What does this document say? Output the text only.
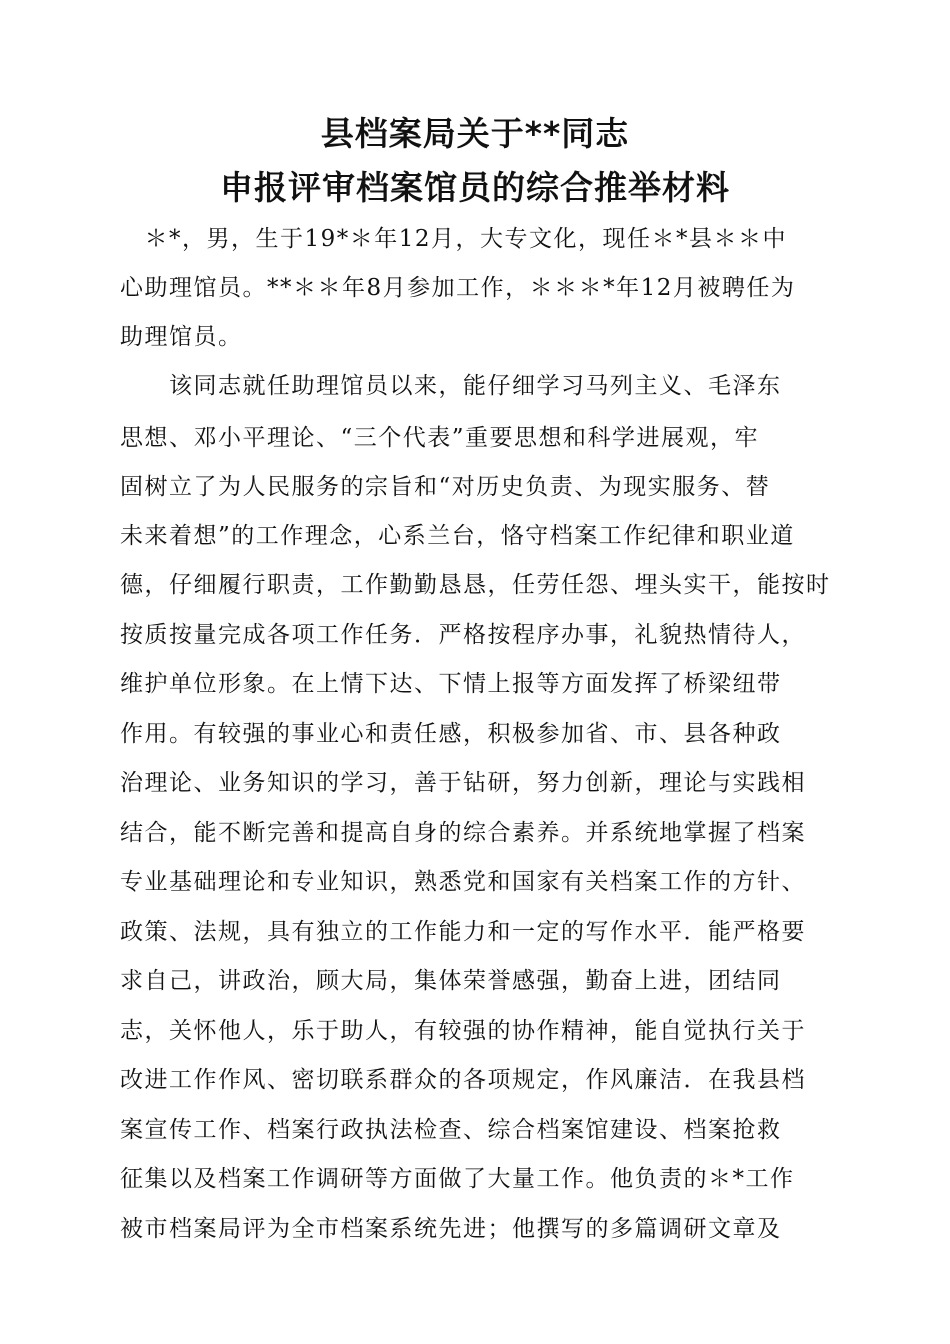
县档案局关于**同志
申报评审档案馆员的综合推举材料
　＊*，男，生于19*＊年12月，大专文化，现任＊*县＊＊中
心助理馆员。**＊＊年8月参加工作，＊＊＊*年12月被聘任为
助理馆员。
　　该同志就任助理馆员以来，能仔细学习马列主义、毛泽东
思想、邓小平理论、“三个代表”重要思想和科学进展观，牢
固树立了为人民服务的宗旨和“对历史负责、为现实服务、替
未来着想”的工作理念，心系兰台，恪守档案工作纪律和职业道
德，仔细履行职责，工作勤勤恳恳，任劳任怨、埋头实干，能按时
按质按量完成各项工作任务．严格按程序办事，礼貌热情待人，
维护单位形象。在上情下达、下情上报等方面发挥了桥梁纽带
作用。有较强的事业心和责任感，积极参加省、市、县各种政
治理论、业务知识的学习，善于钻研，努力创新，理论与实践相
结合，能不断完善和提高自身的综合素养。并系统地掌握了档案
专业基础理论和专业知识，熟悉党和国家有关档案工作的方针、
政策、法规，具有独立的工作能力和一定的写作水平．能严格要
求自己，讲政治，顾大局，集体荣誉感强，勤奋上进，团结同
志，关怀他人，乐于助人，有较强的协作精神，能自觉执行关于
改进工作作风、密切联系群众的各项规定，作风廉洁．在我县档
案宣传工作、档案行政执法检查、综合档案馆建设、档案抢救
征集以及档案工作调研等方面做了大量工作。他负责的＊*工作
被市档案局评为全市档案系统先进；他撰写的多篇调研文章及
